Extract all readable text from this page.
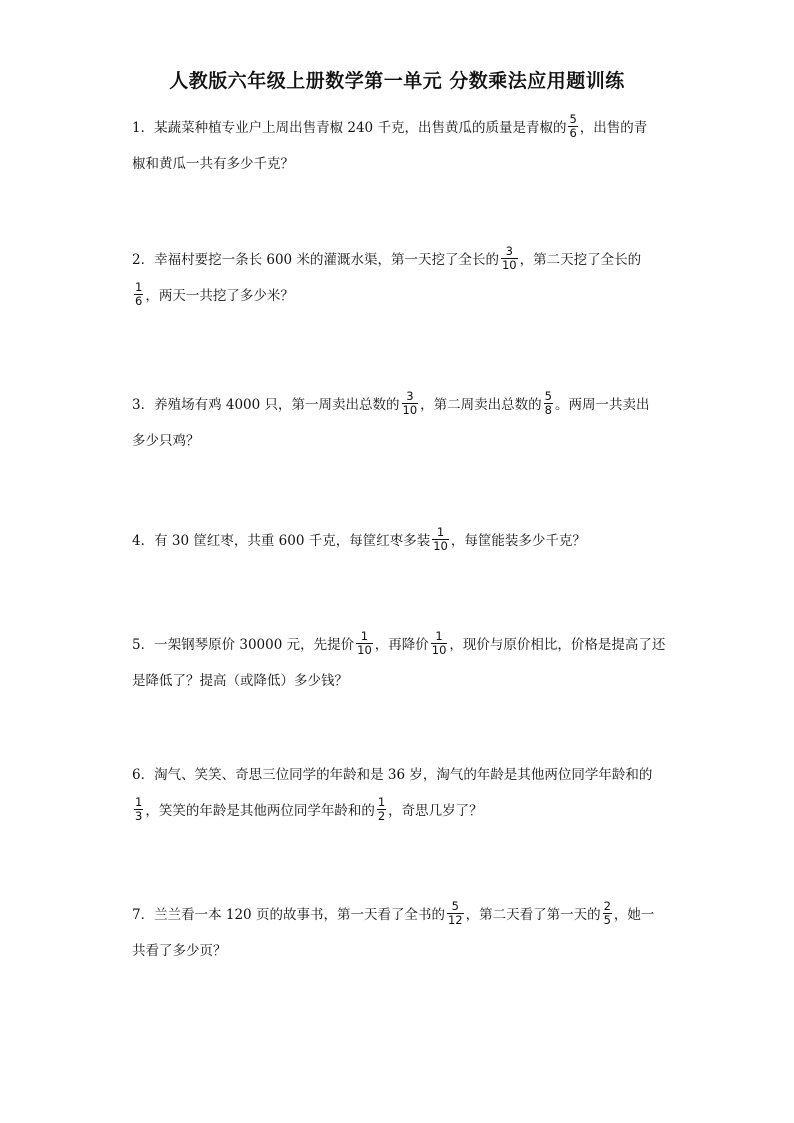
人教版六年级上册数学第一单元 分数乘法应用题训练
1．某蔬菜种植专业户上周出售青椒 240 千克，出售黄瓜的质量是青椒的 $\frac{5}{6}$ ，出售的青
椒和黄瓜一共有多少千克？
2．幸福村要挖一条长 600 米的灌溉水渠，第一天挖了全长的 $\frac{3}{10}$ ，第二天挖了全长的
$\frac{1}{6}$ ，两天一共挖了多少米？
3．养殖场有鸡 4000 只，第一周卖出总数的 $\frac{3}{10}$ ，第二周卖出总数的 $\frac{5}{8}$ 。两周一共卖出
多少只鸡？
4．有 30 筐红枣，共重 600 千克，每筐红枣多装 $\frac{1}{10}$ ，每筐能装多少千克？
5．一架钢琴原价 30000 元，先提价 $\frac{1}{10}$ ，再降价 $\frac{1}{10}$ ，现价与原价相比，价格是提高了还
是降低了？提高（或降低）多少钱？
6．淘气、笑笑、奇思三位同学的年龄和是 36 岁，淘气的年龄是其他两位同学年龄和的
$\frac{1}{3}$ ，笑笑的年龄是其他两位同学年龄和的 $\frac{1}{2}$ ，奇思几岁了？
7．兰兰看一本 120 页的故事书，第一天看了全书的 $\frac{5}{12}$ ，第二天看了第一天的 $\frac{2}{5}$ ，她一
共看了多少页？
